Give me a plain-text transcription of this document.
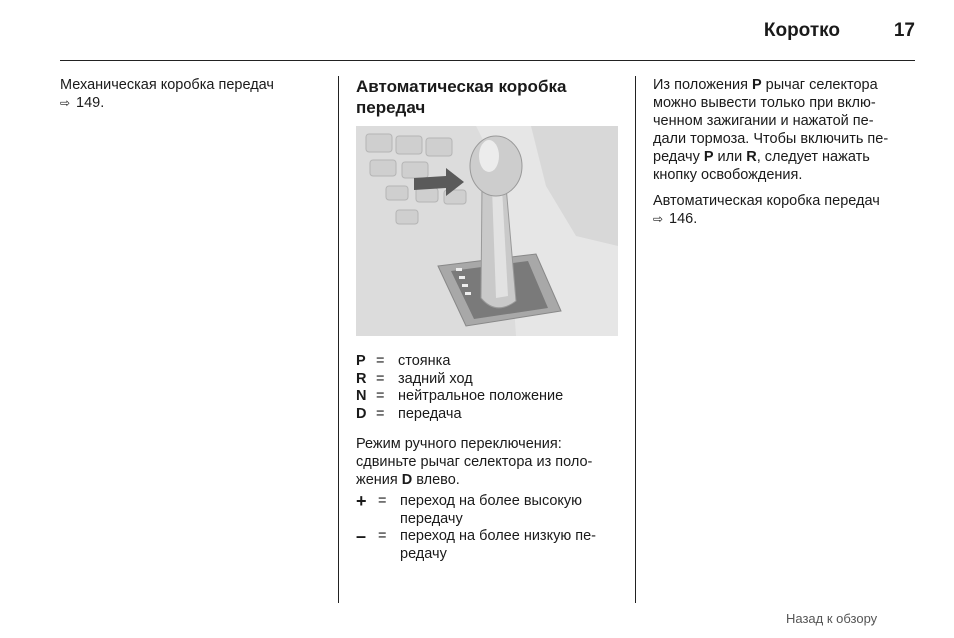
Коротко	17

Механическая коробка передач

⇨ 149.

Автоматическая коробка
передач
P = стоянка
R = задний ход
N = нейтральное положение
D = передача
Режим ручного переключения:
сдвиньте рычаг селектора из поло-
жения D влево.
+ = переход на более высокую
передачу
– = переход на более низкую пе-
редачу
Из положения P рычаг селектора
можно вывести только при вклю-
ченном зажигании и нажатой пе-
дали тормоза. Чтобы включить пе-
редачу P или R, следует нажать
кнопку освобождения.

Автоматическая коробка передач

⇨ 146.

Назад к обзору
